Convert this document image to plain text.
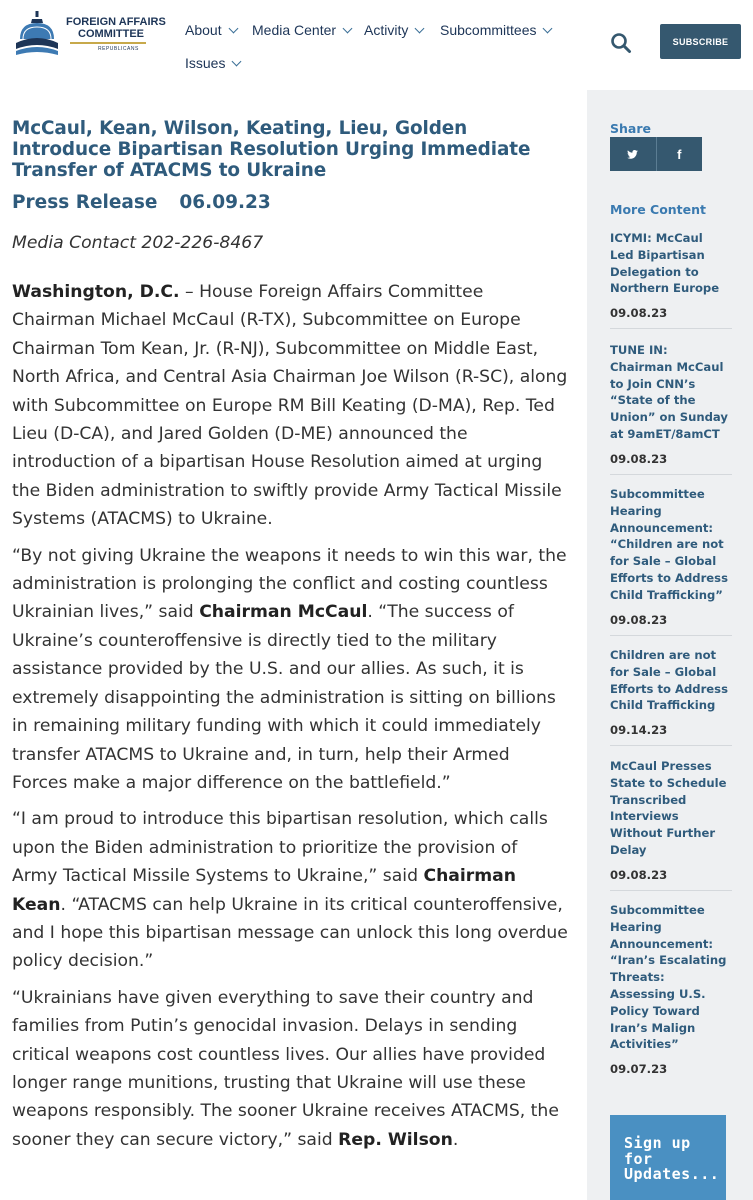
FOREIGN AFFAIRS
COMMITTEE
REPUBLICANS
About Media Center Activity Subcommittees
Issues
SUBSCRIBE
McCaul, Kean, Wilson, Keating, Lieu, Golden Introduce Bipartisan Resolution Urging Immediate Transfer of ATACMS to Ukraine
Press Release 06.09.23
Media Contact 202-226-8467

Washington, D.C. – House Foreign Affairs Committee Chairman Michael McCaul (R-TX), Subcommittee on Europe Chairman Tom Kean, Jr. (R-NJ), Subcommittee on Middle East, North Africa, and Central Asia Chairman Joe Wilson (R-SC), along with Subcommittee on Europe RM Bill Keating (D-MA), Rep. Ted Lieu (D-CA), and Jared Golden (D-ME) announced the introduction of a bipartisan House Resolution aimed at urging the Biden administration to swiftly provide Army Tactical Missile Systems (ATACMS) to Ukraine.

“By not giving Ukraine the weapons it needs to win this war, the administration is prolonging the conflict and costing countless Ukrainian lives,” said Chairman McCaul. “The success of Ukraine’s counteroffensive is directly tied to the military assistance provided by the U.S. and our allies. As such, it is extremely disappointing the administration is sitting on billions in remaining military funding with which it could immediately transfer ATACMS to Ukraine and, in turn, help their Armed Forces make a major difference on the battlefield.”

“I am proud to introduce this bipartisan resolution, which calls upon the Biden administration to prioritize the provision of Army Tactical Missile Systems to Ukraine,” said Chairman Kean. “ATACMS can help Ukraine in its critical counteroffensive, and I hope this bipartisan message can unlock this long overdue policy decision.”

“Ukrainians have given everything to save their country and families from Putin’s genocidal invasion. Delays in sending critical weapons cost countless lives. Our allies have provided longer range munitions, trusting that Ukraine will use these weapons responsibly. The sooner Ukraine receives ATACMS, the sooner they can secure victory,” said Rep. Wilson.

Share
f
More Content
ICYMI: McCaul Led Bipartisan Delegation to Northern Europe
09.08.23
TUNE IN: Chairman McCaul to Join CNN’s “State of the Union” on Sunday at 9amET/8amCT
09.08.23
Subcommittee Hearing Announcement: “Children are not for Sale – Global Efforts to Address Child Trafficking”
09.08.23
Children are not for Sale – Global Efforts to Address Child Trafficking
09.14.23
McCaul Presses State to Schedule Transcribed Interviews Without Further Delay
09.08.23
Subcommittee Hearing Announcement: “Iran’s Escalating Threats: Assessing U.S. Policy Toward Iran’s Malign Activities”
09.07.23
Sign up
for
Updates...
